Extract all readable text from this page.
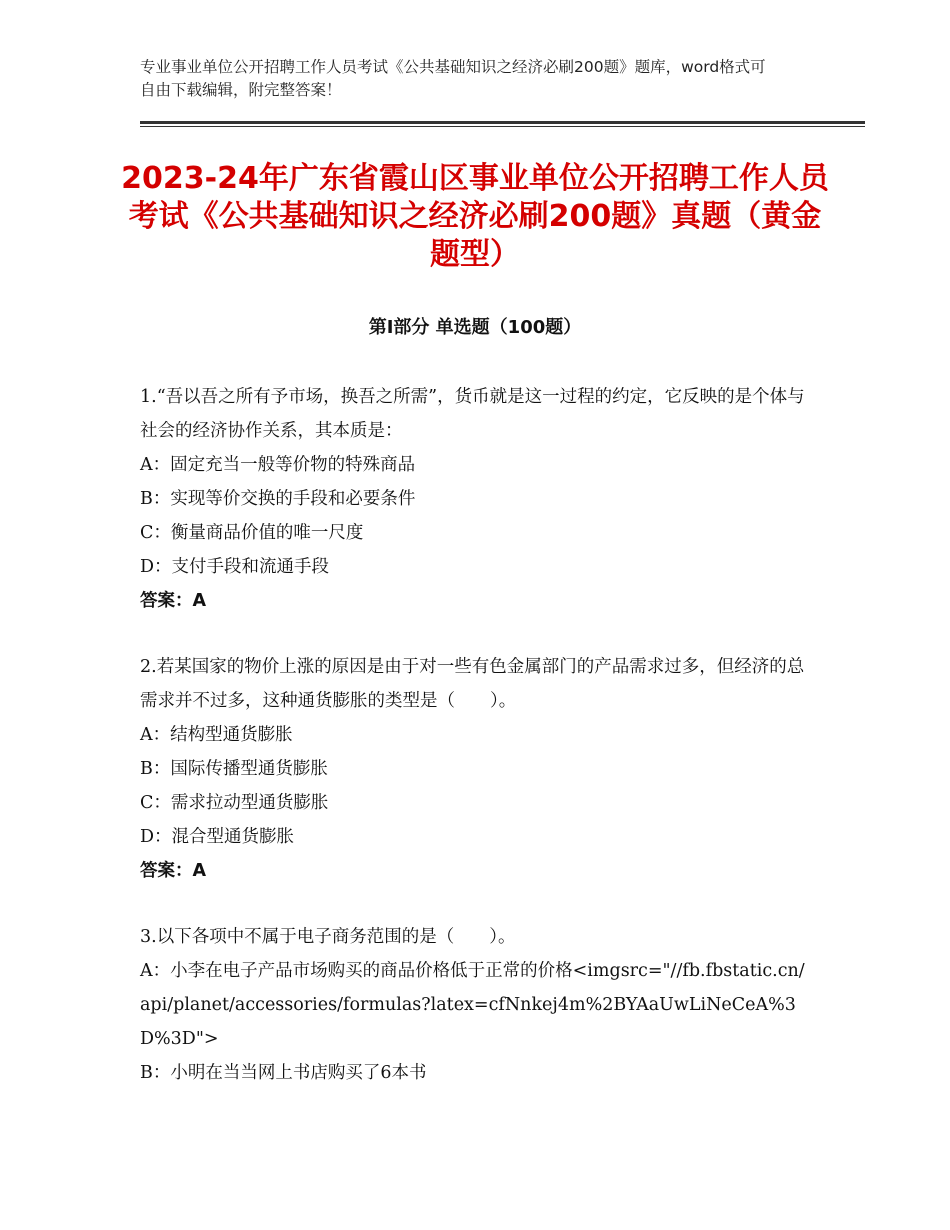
专业事业单位公开招聘工作人员考试《公共基础知识之经济必刷200题》题库，word格式可自由下载编辑，附完整答案！
2023-24年广东省霞山区事业单位公开招聘工作人员考试《公共基础知识之经济必刷200题》真题（黄金题型）
第Ⅰ部分 单选题（100题）

1.“吾以吾之所有予市场，换吾之所需”，货币就是这一过程的约定，它反映的是个体与社会的经济协作关系，其本质是：

A：固定充当一般等价物的特殊商品
B：实现等价交换的手段和必要条件
C：衡量商品价值的唯一尺度
D：支付手段和流通手段
答案：A

2.若某国家的物价上涨的原因是由于对一些有色金属部门的产品需求过多，但经济的总需求并不过多，这种通货膨胀的类型是（　　）。

A：结构型通货膨胀
B：国际传播型通货膨胀
C：需求拉动型通货膨胀
D：混合型通货膨胀
答案：A

3.以下各项中不属于电子商务范围的是（　　）。

A：小李在电子产品市场购买的商品价格低于正常的价格<imgsrc="//fb.fbstatic.cn/api/planet/accessories/formulas?latex=cfNnkej4m%2BYAaUwLiNeCeA%3D%3D">
B：小明在当当网上书店购买了6本书
